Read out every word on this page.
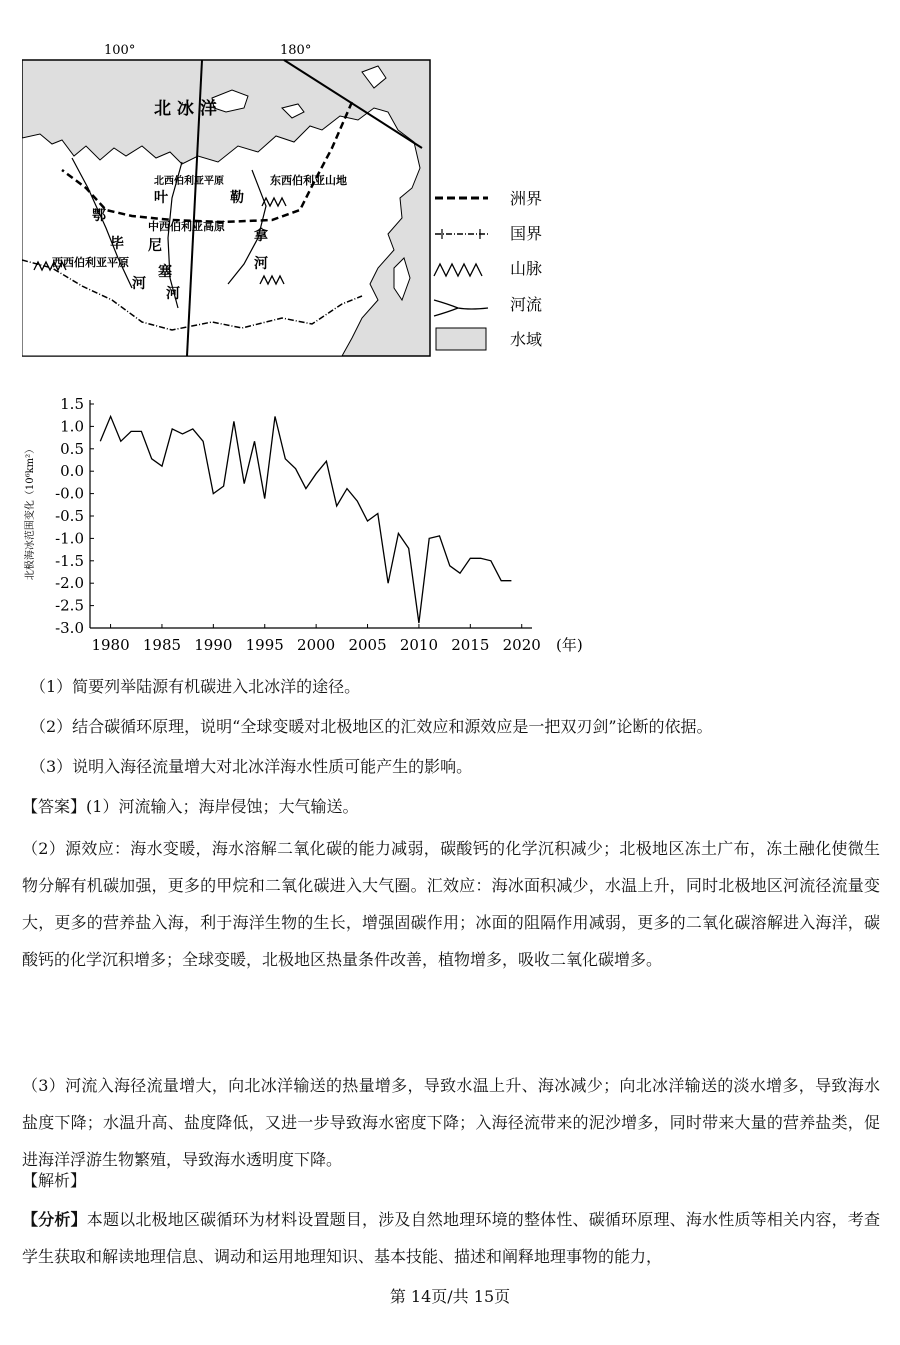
100°	180°
北 冰 洋
北西伯利亚平原	东西伯利亚山地
中西伯利亚高原
西西伯利亚平原
鄂
毕
河
叶
尼
塞
河
勒
拿
河
洲界
国界
山脉
河流
水域
1.5
1.0
0.5
0.0
-0.0
-0.5
-1.0
-1.5
-2.0
-2.5
-3.0
1980 1985 1990 1995 2000 2005 2010 2015 2020
北极海冰范围变化（10⁶km²）
(年)
（1）简要列举陆源有机碳进入北冰洋的途径。
（2）结合碳循环原理，说明“全球变暖对北极地区的汇效应和源效应是一把双刃剑”论断的依据。
（3）说明入海径流量增大对北冰洋海水性质可能产生的影响。
【答案】(1）河流输入；海岸侵蚀；大气输送。
（2）源效应：海水变暖，海水溶解二氧化碳的能力减弱，碳酸钙的化学沉积减少；北极地区冻土广布，冻土融化使微生物分解有机碳加强，更多的甲烷和二氧化碳进入大气圈。汇效应：海冰面积减少，水温上升，同时北极地区河流径流量变大，更多的营养盐入海，利于海洋生物的生长，增强固碳作用；冰面的阻隔作用减弱，更多的二氧化碳溶解进入海洋，碳酸钙的化学沉积增多；全球变暖，北极地区热量条件改善，植物增多，吸收二氧化碳增多。
（3）河流入海径流量增大，向北冰洋输送的热量增多，导致水温上升、海冰减少；向北冰洋输送的淡水增多，导致海水盐度下降；水温升高、盐度降低，又进一步导致海水密度下降；入海径流带来的泥沙增多，同时带来大量的营养盐类，促进海洋浮游生物繁殖，导致海水透明度下降。
【解析】
【分析】本题以北极地区碳循环为材料设置题目，涉及自然地理环境的整体性、碳循环原理、海水性质等相关内容，考查学生获取和解读地理信息、调动和运用地理知识、基本技能、描述和阐释地理事物的能力，
第 14页/共 15页
